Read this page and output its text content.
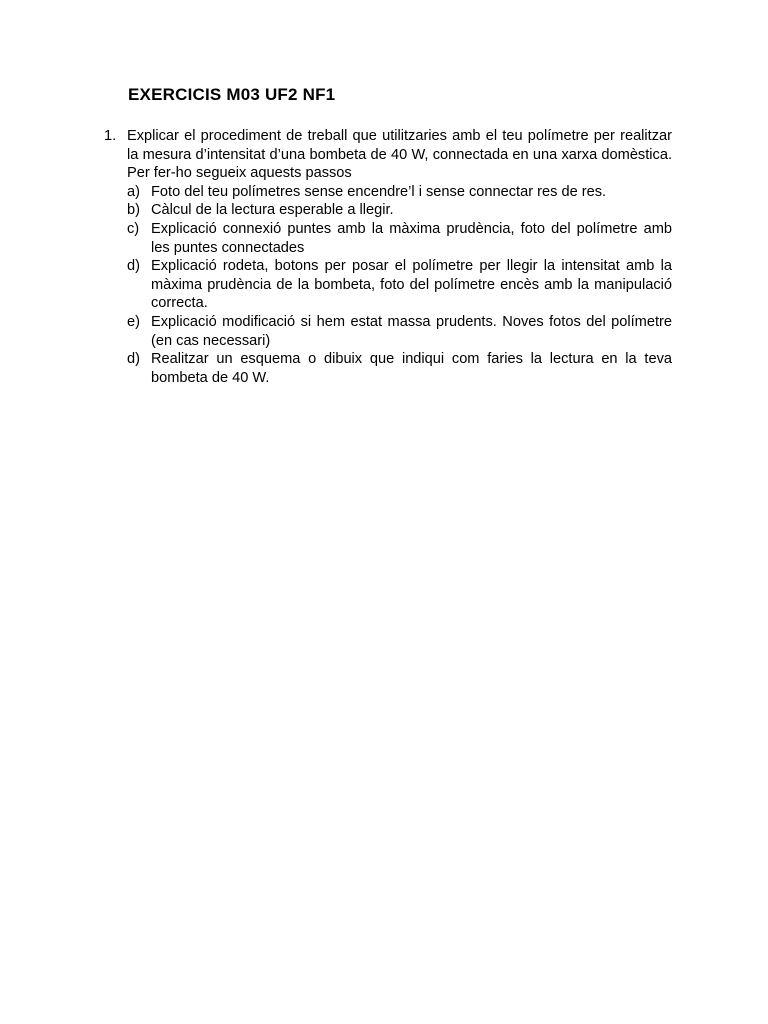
EXERCICIS M03 UF2 NF1
1. Explicar el procediment de treball que utilitzaries amb el teu polímetre per realitzar la mesura d’intensitat d’una bombeta de 40 W, connectada en una xarxa domèstica. Per fer-ho segueix aquests passos
a) Foto del teu polímetres sense encendre’l i sense connectar res de res.
b) Càlcul de la lectura esperable a llegir.
c) Explicació connexió puntes amb la màxima prudència, foto del polímetre amb les puntes connectades
d) Explicació rodeta, botons per posar el polímetre per llegir la intensitat amb la màxima prudència de la bombeta, foto del polímetre encès amb la manipulació correcta.
e) Explicació modificació si hem estat massa prudents. Noves fotos del polímetre (en cas necessari)
d) Realitzar un esquema o dibuix que indiqui com faries la lectura en la teva bombeta de 40 W.
